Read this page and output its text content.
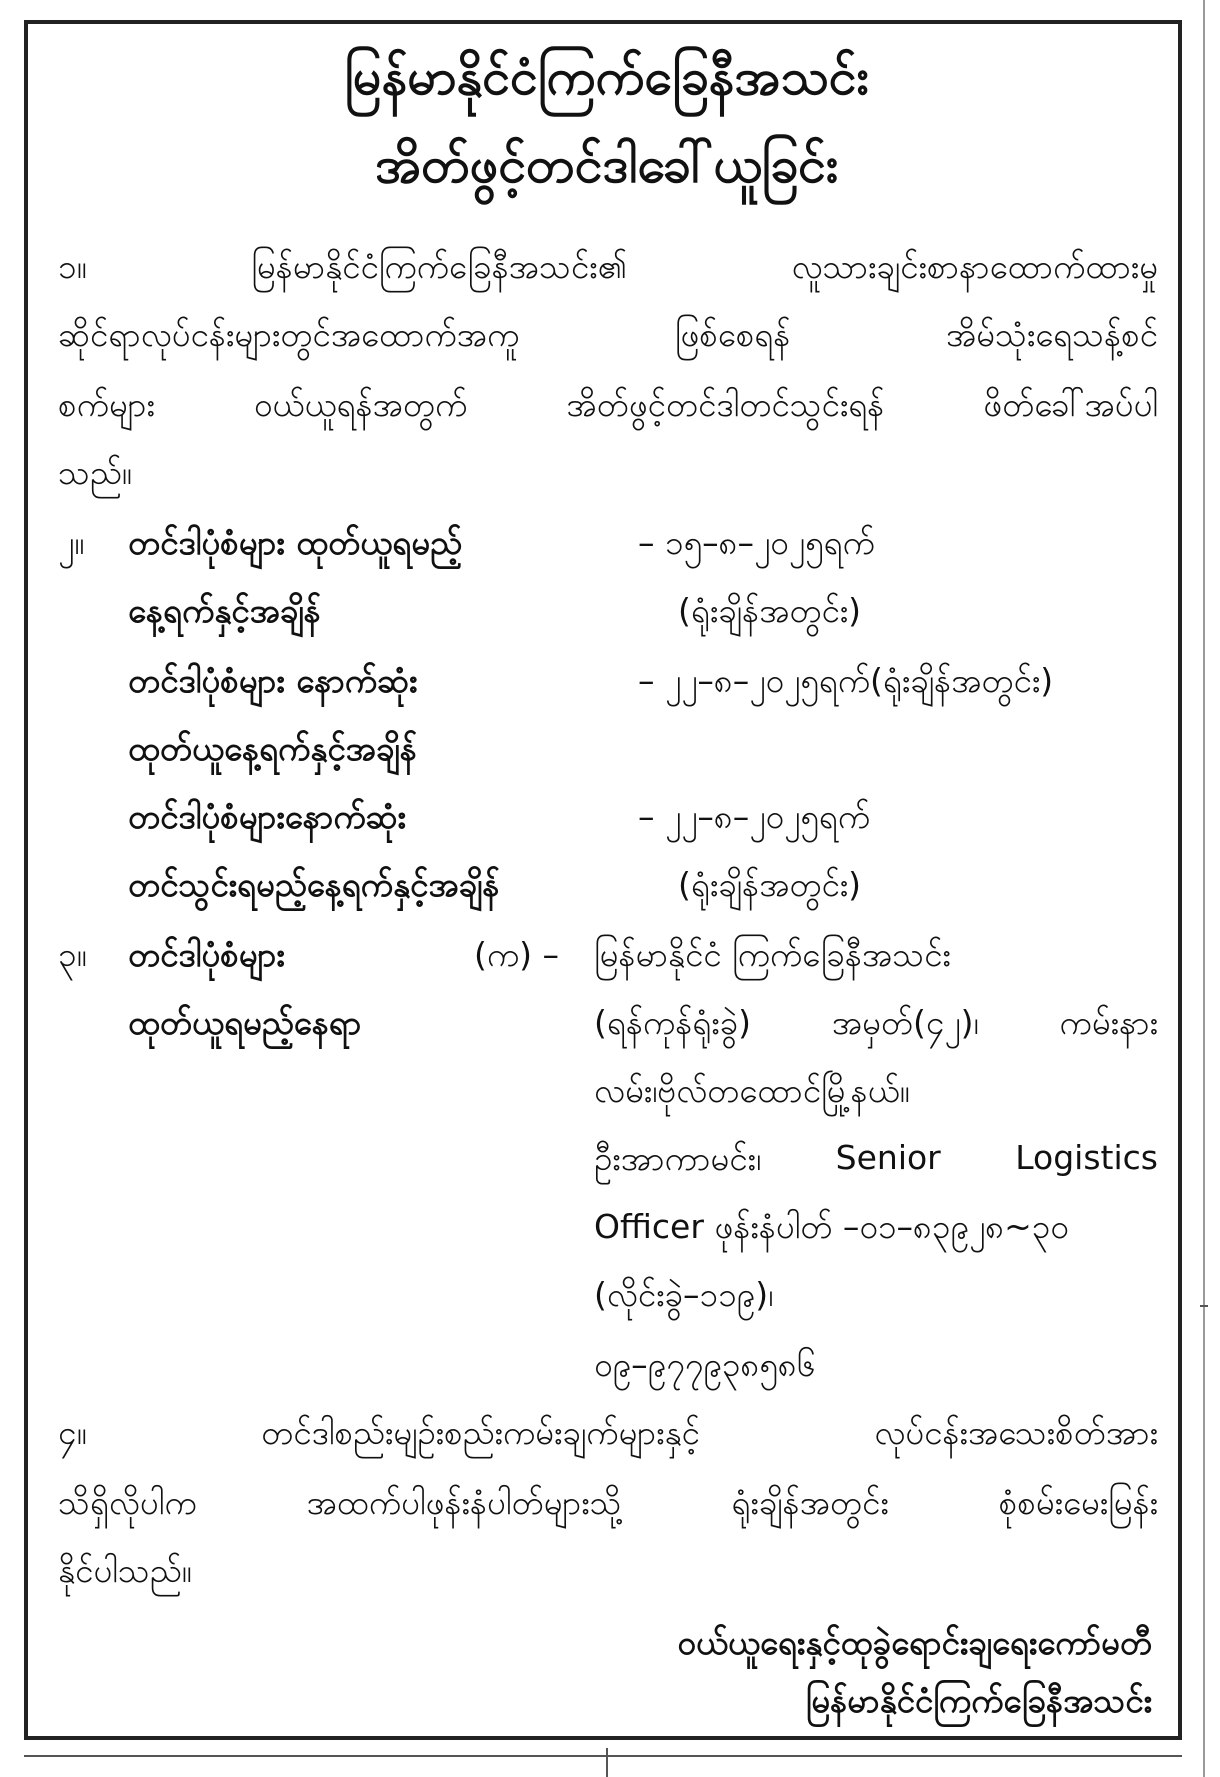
မြန်မာနိုင်ငံကြက်ခြေနီအသင်း
အိတ်ဖွင့်တင်ဒါခေါ်ယူခြင်း
၁။	မြန်မာနိုင်ငံကြက်ခြေနီအသင်း၏	လူသားချင်းစာနာထောက်ထားမှု
ဆိုင်ရာလုပ်ငန်းများတွင်အထောက်အကူ	ဖြစ်စေရန်	အိမ်သုံးရေသန့်စင်
စက်များ	ဝယ်ယူရန်အတွက်	အိတ်ဖွင့်တင်ဒါတင်သွင်းရန်	ဖိတ်ခေါ်အပ်ပါ
သည်။
၂။ တင်ဒါပုံစံများ ထုတ်ယူရမည့်	– ၁၅–၈–၂၀၂၅ရက်
နေ့ရက်နှင့်အချိန်	(ရုံးချိန်အတွင်း)
တင်ဒါပုံစံများ နောက်ဆုံး	– ၂၂–၈–၂၀၂၅ရက်(ရုံးချိန်အတွင်း)
ထုတ်ယူနေ့ရက်နှင့်အချိန်
တင်ဒါပုံစံများနောက်ဆုံး	– ၂၂–၈–၂၀၂၅ရက်
တင်သွင်းရမည့်နေ့ရက်နှင့်အချိန်	(ရုံးချိန်အတွင်း)
၃။ တင်ဒါပုံစံများ
ထုတ်ယူရမည့်နေရာ
(က) – မြန်မာနိုင်ငံ ကြက်ခြေနီအသင်း
(ရန်ကုန်ရုံးခွဲ) အမှတ်(၄၂)၊ ကမ်းနား
လမ်း၊ဗိုလ်တထောင်မြို့နယ်။
ဦးအာကာမင်း၊ Senior Logistics
Officer ဖုန်းနံပါတ် –၀၁–၈၃၉၂၈~၃၀
(လိုင်းခွဲ–၁၁၉)၊
၀၉–၉၇၇၉၃၈၅၈၆
၄။	တင်ဒါစည်းမျဉ်းစည်းကမ်းချက်များနှင့်	လုပ်ငန်းအသေးစိတ်အား
သိရှိလိုပါက	အထက်ပါဖုန်းနံပါတ်များသို့	ရုံးချိန်အတွင်း	စုံစမ်းမေးမြန်း
နိုင်ပါသည်။
ဝယ်ယူရေးနှင့်ထုခွဲရောင်းချရေးကော်မတီ
မြန်မာနိုင်ငံကြက်ခြေနီအသင်း
